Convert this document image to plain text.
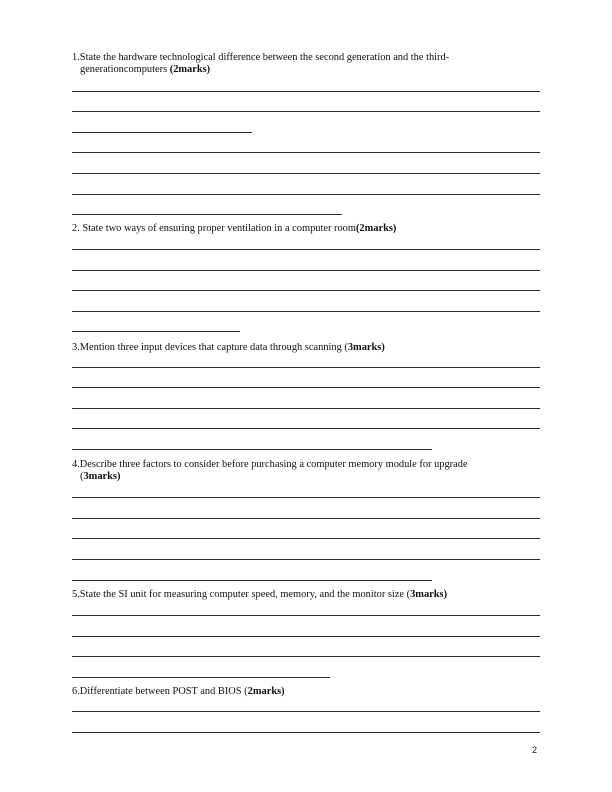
1.State the hardware technological difference between the second generation and the third-
generationcomputers (2marks)
2. State two ways of ensuring proper ventilation in a computer room(2marks)
3.Mention three input devices that capture data through scanning (3marks)
4.Describe three factors to consider before purchasing a computer memory module for upgrade
(3marks)
5.State the SI unit for measuring computer speed, memory, and the monitor size (3marks)
6.Differentiate between POST and BIOS (2marks)
2
